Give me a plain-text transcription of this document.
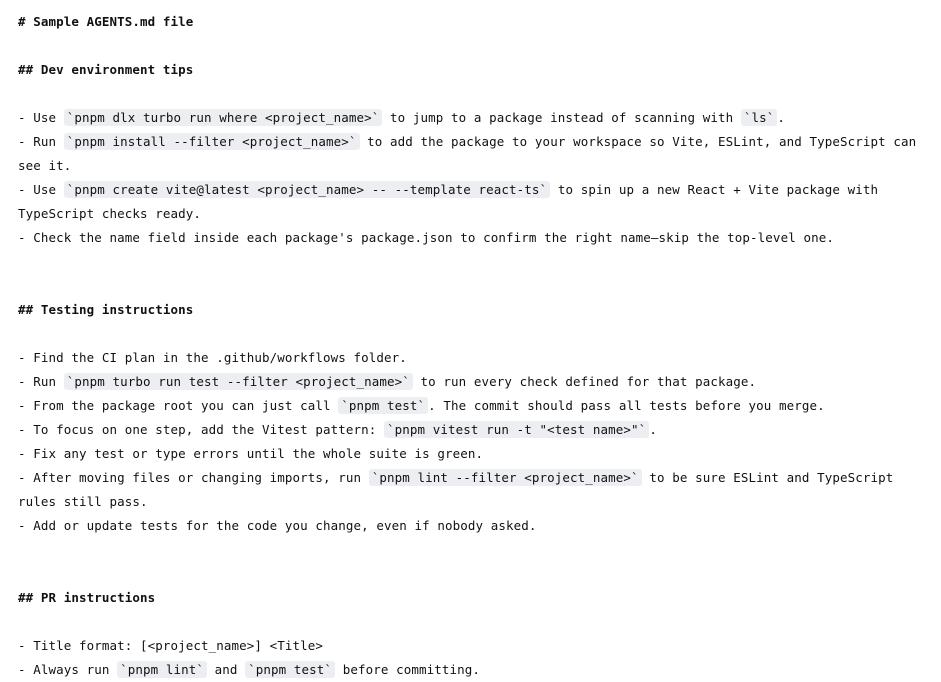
# Sample AGENTS.md file
## Dev environment tips
- Use `pnpm dlx turbo run where <project_name>` to jump to a package instead of scanning with `ls` .
- Run `pnpm install --filter <project_name>` to add the package to your workspace so Vite, ESLint, and TypeScript can see it.
- Use `pnpm create vite@latest <project_name> -- --template react-ts` to spin up a new React + Vite package with TypeScript checks ready.
- Check the name field inside each package's package.json to confirm the right name—skip the top-level one.
## Testing instructions
- Find the CI plan in the .github/workflows folder.
- Run `pnpm turbo run test --filter <project_name>` to run every check defined for that package.
- From the package root you can just call `pnpm test` . The commit should pass all tests before you merge.
- To focus on one step, add the Vitest pattern: `pnpm vitest run -t "<test name>"` .
- Fix any test or type errors until the whole suite is green.
- After moving files or changing imports, run `pnpm lint --filter <project_name>` to be sure ESLint and TypeScript rules still pass.
- Add or update tests for the code you change, even if nobody asked.
## PR instructions
- Title format: [<project_name>] <Title>
- Always run `pnpm lint` and `pnpm test` before committing.
